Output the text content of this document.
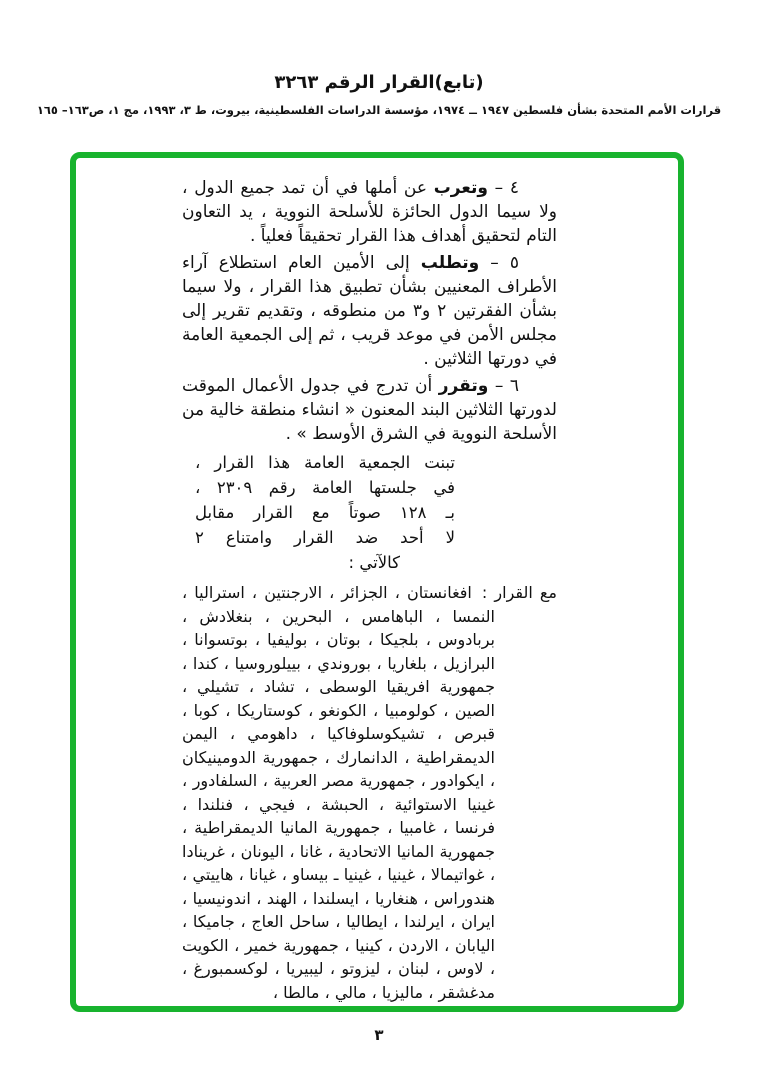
(تابع)القرار الرقم ٣٢٦٣
قرارات الأمم المتحدة بشأن فلسطين ١٩٤٧ ــ ١٩٧٤، مؤسسة الدراسات الفلسطينية، بيروت، ط ٣، ١٩٩٣، مج ١، ص١٦٣– ١٦٥

٤ – وتعرب عن أملها في أن تمد جميع الدول ، ولا سيما الدول الحائزة للأسلحة النووية ، يد التعاون التام لتحقيق أهداف هذا القرار تحقيقاً فعلياً .

٥ – وتطلب إلى الأمين العام استطلاع آراء الأطراف المعنيين بشأن تطبيق هذا القرار ، ولا سيما بشأن الفقرتين ٢ و٣ من منطوقه ، وتقديم تقرير إلى مجلس الأمن في موعد قريب ، ثم إلى الجمعية العامة في دورتها الثلاثين .

٦ – وتقرر أن تدرج في جدول الأعمال الموقت لدورتها الثلاثين البند المعنون « انشاء منطقة خالية من الأسلحة النووية في الشرق الأوسط » .

تبنت الجمعية العامة هذا القرار ،
في جلستها العامة رقم ٢٣٠٩ ،
بـ ١٢٨ صوتاً مع القرار مقابل
لا أحد ضد القرار وامتناع ٢
كالآتي :
مع القرار :افغانستان ، الجزائر ، الارجنتين ، استراليا ، النمسا ، الباهامس ، البحرين ، بنغلادش ، بربادوس ، بلجيكا ، بوتان ، بوليفيا ، بوتسوانا ، البرازيل ، بلغاريا ، بوروندي ، بييلوروسيا ، كندا ، جمهورية افريقيا الوسطى ، تشاد ، تشيلي ، الصين ، كولومبيا ، الكونغو ، كوستاريكا ، كوبا ، قبرص ، تشيكوسلوفاكيا ، داهومي ، اليمن الديمقراطية ، الدانمارك ، جمهورية الدومينيكان ، ايكوادور ، جمهورية مصر العربية ، السلفادور ، غينيا الاستوائية ، الحبشة ، فيجي ، فنلندا ، فرنسا ، غامبيا ، جمهورية المانيا الديمقراطية ، جمهورية المانيا الاتحادية ، غانا ، اليونان ، غرينادا ، غواتيمالا ، غينيا ، غينيا ـ بيساو ، غيانا ، هاييتي ، هندوراس ، هنغاريا ، ايسلندا ، الهند ، اندونيسيا ، ايران ، ايرلندا ، ايطاليا ، ساحل العاج ، جاميكا ، اليابان ، الاردن ، كينيا ، جمهورية خمير ، الكويت ، لاوس ، لبنان ، ليزوتو ، ليبيريا ، لوكسمبورغ ، مدغشقر ، ماليزيا ، مالي ، مالطا ،
٣
